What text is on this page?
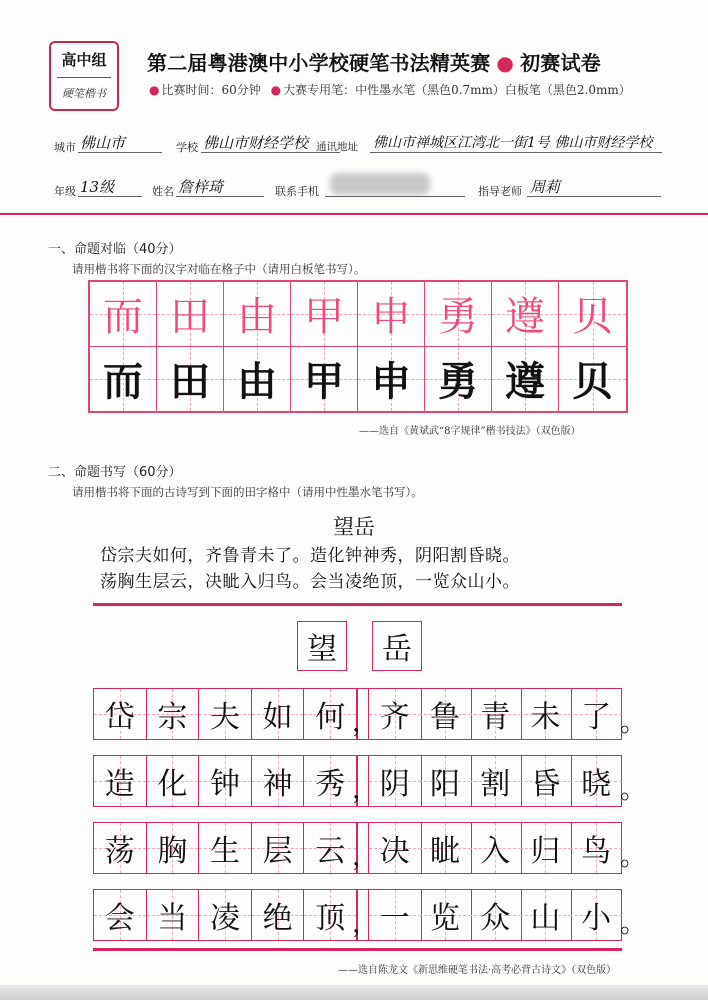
高中组
硬笔楷书
第二届粤港澳中小学校硬笔书法精英赛 ● 初赛试卷
● 比赛时间：60分钟 ● 大赛专用笔：中性墨水笔（黑色0.7mm）白板笔（黑色2.0mm）
城市 佛山市	学校 佛山市财经学校 通讯地址 佛山市禅城区江湾北一街1号 佛山市财经学校
年级 13级	姓名 詹梓琦	联系手机	指导老师 周莉
一、命题对临（40分）
请用楷书将下面的汉字对临在格子中（请用白板笔书写）。
而 田 由 甲 申 勇 遵 贝
而 田 由 甲 申 勇 遵 贝
——选自《黄斌武“8字规律”楷书技法》（双色版）
二、命题书写（60分）
请用楷书将下面的古诗写到下面的田字格中（请用中性墨水笔书写）。
望岳
岱宗夫如何，齐鲁青未了。造化钟神秀，阴阳割昏晓。
荡胸生层云，决眦入归鸟。会当凌绝顶，一览众山小。
望	岳
岱 宗 夫 如 何	齐 鲁 青 未 了
造 化 钟 神 秀	阴 阳 割 昏 晓
荡 胸 生 层 云	决 眦 入 归 鸟
会 当 凌 绝 顶	一 览 众 山 小
——选自陈龙文《新思维硬笔书法·高考必背古诗文》（双色版）
，	。
，	。
，	。
，	。
